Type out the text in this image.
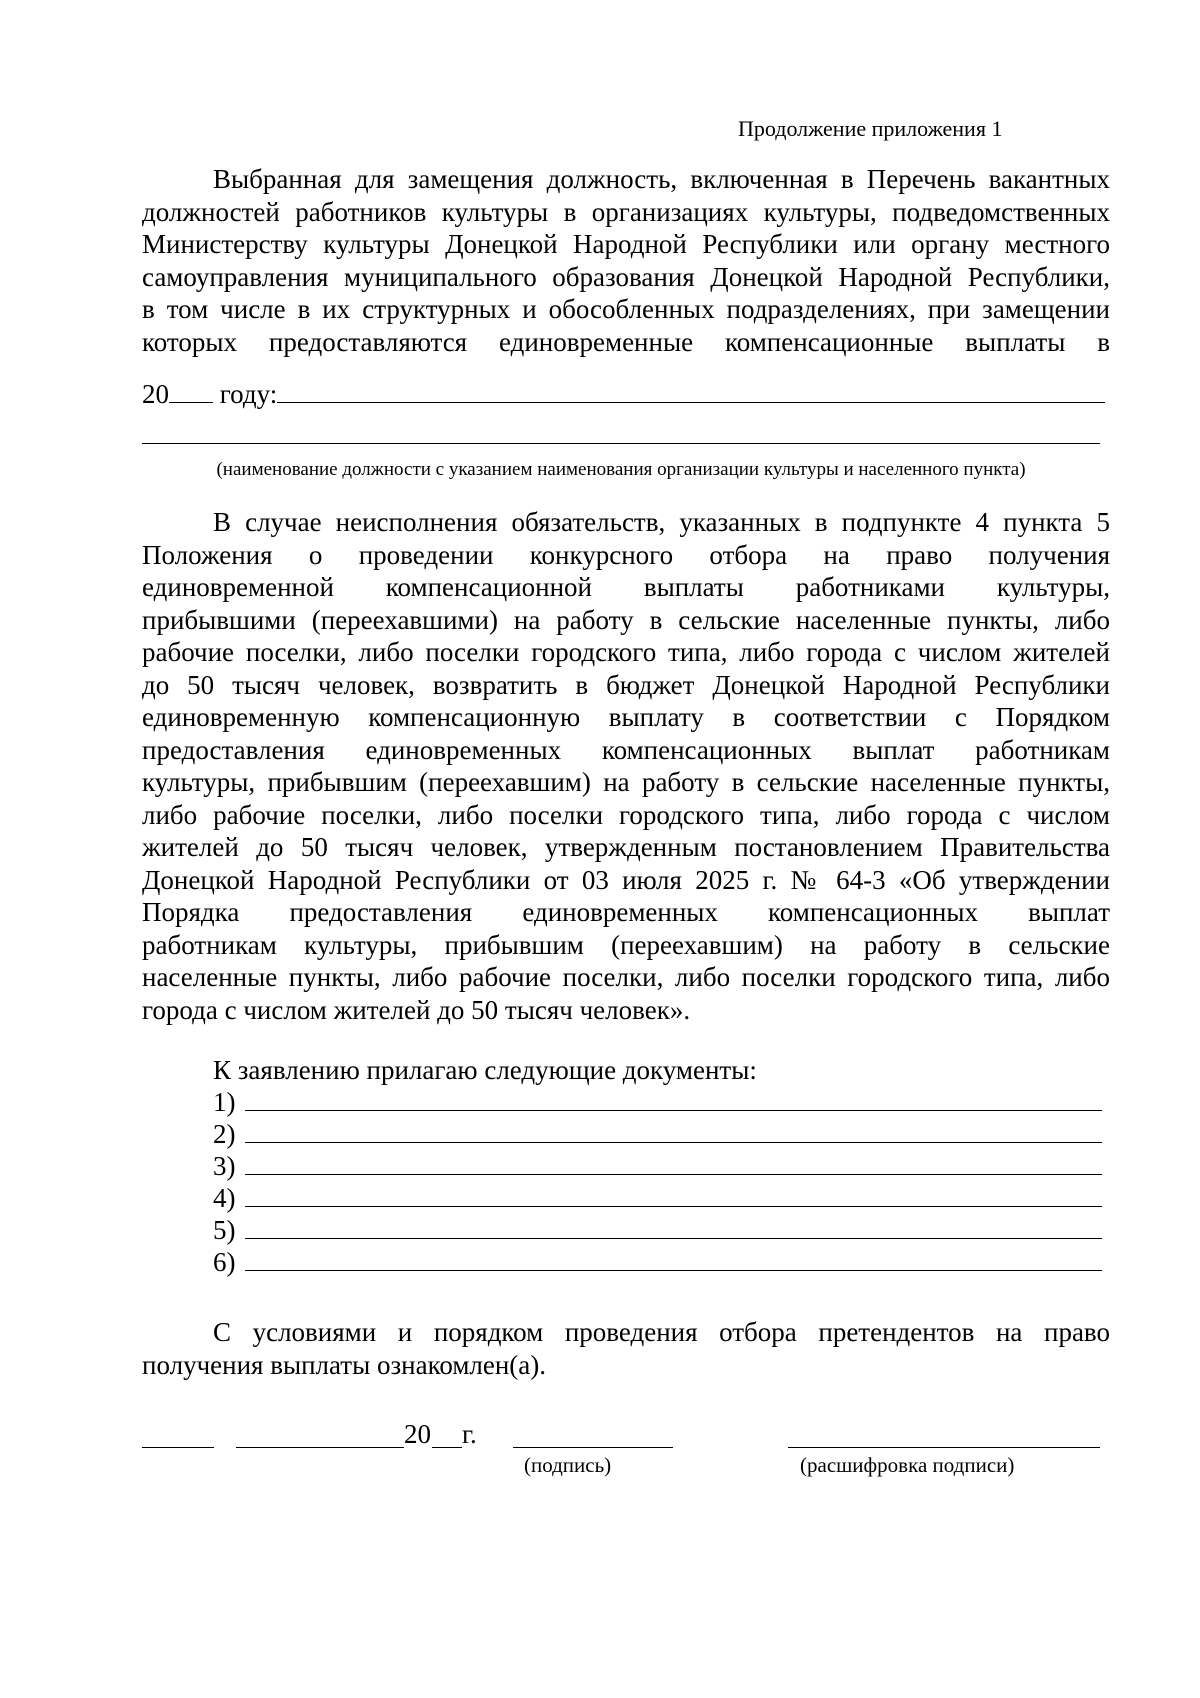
Продолжение приложения 1
Выбранная для замещения должность, включенная в Перечень вакантных
должностей работников культуры в организациях культуры, подведомственных
Министерству культуры Донецкой Народной Республики или органу местного
самоуправления муниципального образования Донецкой Народной Республики,
в том числе в их структурных и обособленных подразделениях, при замещении
которых предоставляются единовременные компенсационные выплаты в
20 году:
(наименование должности с указанием наименования организации культуры и населенного пункта)
В случае неисполнения обязательств, указанных в подпункте 4 пункта 5
Положения о проведении конкурсного отбора на право получения
единовременной компенсационной выплаты работниками культуры,
прибывшими (переехавшими) на работу в сельские населенные пункты, либо
рабочие поселки, либо поселки городского типа, либо города с числом жителей
до 50 тысяч человек, возвратить в бюджет Донецкой Народной Республики
единовременную компенсационную выплату в соответствии с Порядком
предоставления единовременных компенсационных выплат работникам
культуры, прибывшим (переехавшим) на работу в сельские населенные пункты,
либо рабочие поселки, либо поселки городского типа, либо города с числом
жителей до 50 тысяч человек, утвержденным постановлением Правительства
Донецкой Народной Республики от 03 июля 2025 г. № 64-3 «Об утверждении
Порядка предоставления единовременных компенсационных выплат
работникам культуры, прибывшим (переехавшим) на работу в сельские
населенные пункты, либо рабочие поселки, либо поселки городского типа, либо
города с числом жителей до 50 тысяч человек».
К заявлению прилагаю следующие документы:
1)
2)
3)
4)
5)
6)
С условиями и порядком проведения отбора претендентов на право
получения выплаты ознакомлен(а).
20 г.
(подпись)	(расшифровка подписи)
